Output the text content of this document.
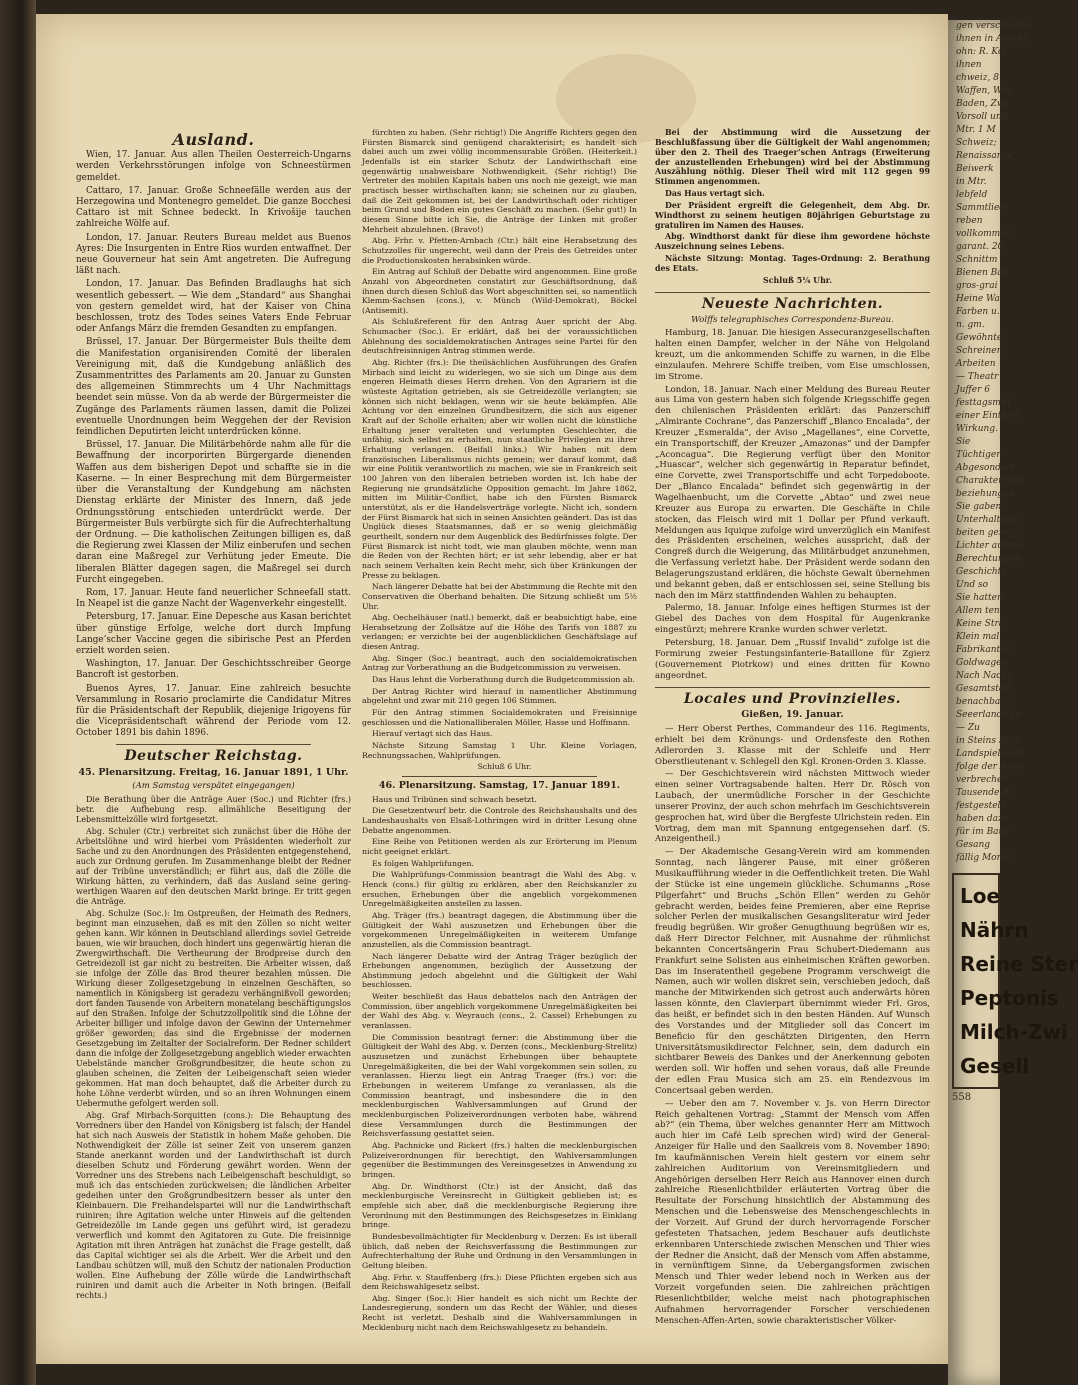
Ausland.

Wien, 17. Januar. Aus allen Theilen Oesterreich-Ungarns werden Verkehrsstörungen infolge von Schneestürmen gemeldet.

Cattaro, 17. Januar. Große Schneefälle werden aus der Herzegowina und Montenegro gemeldet. Die ganze Bocchesi Cattaro ist mit Schnee bedeckt. In Krivošije tauchen zahlreiche Wölfe auf.

London, 17. Januar. Reuters Bureau meldet aus Buenos Ayres: Die Insurgenten in Entre Rios wurden entwaffnet. Der neue Gouverneur hat sein Amt angetreten. Die Aufregung läßt nach.

London, 17. Januar. Das Befinden Bradlaughs hat sich wesentlich gebessert. — Wie dem „Standard“ aus Shanghai von gestern gemeldet wird, hat der Kaiser von China beschlossen, trotz des Todes seines Vaters Ende Februar oder Anfangs März die fremden Gesandten zu empfangen.

Brüssel, 17. Januar. Der Bürgermeister Buls theilte dem die Manifestation organisirenden Comité der liberalen Vereinigung mit, daß die Kundgebung anläßlich des Zusammentrittes des Parlaments am 20. Januar zu Gunsten des allgemeinen Stimmrechts um 4 Uhr Nachmittags beendet sein müsse. Von da ab werde der Bürgermeister die Zugänge des Parlaments räumen lassen, damit die Polizei eventuelle Unordnungen beim Weggehen der der Revision feindlichen Deputirten leicht unterdrücken könne.

Brüssel, 17. Januar. Die Militärbehörde nahm alle für die Bewaffnung der incorporirten Bürgergarde dienenden Waffen aus dem bisherigen Depot und schaffte sie in die Kaserne. — In einer Besprechung mit dem Bürgermeister über die Veranstaltung der Kundgebung am nächsten Dienstag erklärte der Minister des Innern, daß jede Ordnungsstörung entschieden unterdrückt werde. Der Bürgermeister Buls verbürgte sich für die Aufrechterhaltung der Ordnung. — Die katholischen Zeitungen billigen es, daß die Regierung zwei Klassen der Miliz einberufen und sechen daran eine Maßregel zur Verhütung jeder Emeute. Die liberalen Blätter dagegen sagen, die Maßregel sei durch Furcht eingegeben.

Rom, 17. Januar. Heute fand neuerlicher Schneefall statt. In Neapel ist die ganze Nacht der Wagenverkehr eingestellt.

Petersburg, 17. Januar. Eine Depesche aus Kasan berichtet über günstige Erfolge, welche dort durch Impfung Lange’scher Vaccine gegen die sibirische Pest an Pferden erzielt worden seien.

Washington, 17. Januar. Der Geschichtsschreiber George Bancroft ist gestorben.

Buenos Ayres, 17. Januar. Eine zahlreich besuchte Versammlung in Rosario proclamirte die Candidatur Mitres für die Präsidentschaft der Republik, diejenige Irigoyens für die Vicepräsidentschaft während der Periode vom 12. October 1891 bis dahin 1896.

Deutscher Reichstag.
45. Plenarsitzung. Freitag, 16. Januar 1891, 1 Uhr.
(Am Samstag verspätet eingegangen)

Die Berathung über die Anträge Auer (Soc.) und Richter (frs.) betr. die Aufhebung resp. allmähliche Beseitigung der Lebensmittelzölle wird fortgesetzt.

Abg. Schuler (Ctr.) verbreitet sich zunächst über die Höhe der Arbeitslöhne und wird hierbei vom Präsidenten wiederholt zur Sache und zu den Anordnungen des Präsidenten entgegenstehend, auch zur Ordnung gerufen. Im Zusammenhange bleibt der Redner auf der Tribüne unverständlich; er führt aus, daß die Zölle die Wirkung hätten, zu verhindern, daß das Ausland seine gering-werthigen Waaren auf den deutschen Markt bringe. Er tritt gegen die Anträge.

Abg. Schulze (Soc.): Im Ostpreußen, der Heimath des Redners, beginnt man einzusehen, daß es mit den Zöllen so nicht weiter gehen kann. Wir können in Deutschland allerdings soviel Getreide bauen, wie wir brauchen, doch hindert uns gegenwärtig hieran die Zwergwirthschaft. Die Vertheurung der Brodpreise durch den Getreidezoll ist gar nicht zu bestreiten. Die Arbeiter wissen, daß sie infolge der Zölle das Brod theurer bezahlen müssen. Die Wirkung dieser Zollgesetzgebung in einzelnen Geschäften, so namentlich in Königsberg ist geradezu verhängnißvoll geworden; dort fanden Tausende von Arbeitern monatelang beschäftigungslos auf den Straßen. Infolge der Schutzzollpolitik sind die Löhne der Arbeiter billiger und infolge davon der Gewinn der Unternehmer größer geworden; das sind die Ergebnisse der modernen Gesetzgebung im Zeitalter der Socialreform. Der Redner schildert dann die infolge der Zollgesetzgebung angeblich wieder erwachten Uebelstände mancher Großgrundbesitzer, die heute schon zu glauben scheinen, die Zeiten der Leibeigenschaft seien wieder gekommen. Hat man doch behauptet, daß die Arbeiter durch zu hohe Löhne verderbt würden, und so an ihren Wohnungen einem Uebermuthe gefolgert werden soll.

Abg. Graf Mirbach-Sorquitten (cons.): Die Behauptung des Vorredners über den Handel von Königsberg ist falsch; der Handel hat sich nach Ausweis der Statistik in hohem Maße gehoben. Die Nothwendigkeit der Zölle ist seiner Zeit von unserem ganzen Stande anerkannt worden und der Landwirthschaft ist durch dieselben Schutz und Förderung gewährt worden. Wenn der Vorredner uns des Strebens nach Leibeigenschaft beschuldigt, so muß ich das entschieden zurückweisen; die ländlichen Arbeiter gedeihen unter den Großgrundbesitzern besser als unter den Kleinbauern. Die Freihandelspartei will nur die Landwirthschaft ruiniren; ihre Agitation welche unter Hinweis auf die geltenden Getreidezölle im Lande gegen uns geführt wird, ist geradezu verwerflich und kommt den Agitatoren zu Gute. Die freisinnige Agitation mit ihren Anträgen hat zunächst die Frage gestellt, daß das Capital wichtiger sei als die Arbeit. Wer die Arbeit und den Landbau schützen will, muß den Schutz der nationalen Production wollen. Eine Aufhebung der Zölle würde die Landwirthschaft ruiniren und damit auch die Arbeiter in Noth bringen. (Beifall rechts.)

fürchten zu haben. (Sehr richtig!) Die Angriffe Richters gegen den Fürsten Bismarck sind genügend charakterisirt; es handelt sich dabei auch um zwei völlig incommensurable Größen. (Heiterkeit.) Jedenfalls ist ein starker Schutz der Landwirthschaft eine gegenwärtig unabweisbare Nothwendigkeit. (Sehr richtig!) Die Vertreter des mobilen Kapitals haben uns noch nie gezeigt, wie man practisch besser wirthschaften kann; sie scheinen nur zu glauben, daß die Zeit gekommen ist, bei der Landwirthschaft oder richtiger beim Grund und Boden ein gutes Geschäft zu machen. (Sehr gut!) In diesem Sinne bitte ich Sie, die Anträge der Linken mit großer Mehrheit abzulehnen. (Bravo!)

Abg. Frhr. v. Pfetten-Arnbach (Ctr.) hält eine Herabsetzung des Schutzzolles für ungerecht, weil dann der Preis des Getreides unter die Productionskosten herabsinken würde.

Ein Antrag auf Schluß der Debatte wird angenommen. Eine große Anzahl von Abgeordneten constatirt zur Geschäftsordnung, daß ihnen durch diesen Schluß das Wort abgeschnitten sei, so namentlich Klemm-Sachsen (cons.), v. Münch (Wild-Demokrat), Böckel (Antisemit).

Als Schlußreferent für den Antrag Auer spricht der Abg. Schumacher (Soc.). Er erklärt, daß bei der voraussichtlichen Ablehnung des socialdemokratischen Antrages seine Partei für den deutschfreisinnigen Antrag stimmen werde.

Abg. Richter (frs.): Die theilsächlichen Ausführungen des Grafen Mirbach sind leicht zu widerlegen, wo sie sich um Dinge aus dem engeren Heimath dieses Herrn drehen. Von den Agrariern ist die wüsteste Agitation getrieben, als sie Getreidezölle verlangten; sie können sich nicht beklagen, wenn wir sie heute bekämpfen. Alle Achtung vor den einzelnen Grundbesitzern, die sich aus eigener Kraft auf der Scholle erhalten; aber wir wollen nicht die künstliche Erhaltung jener veralteten und verlumpten Geschlechter, die unfähig, sich selbst zu erhalten, nun staatliche Privilegien zu ihrer Erhaltung verlangen. (Beifall links.) Wir haben mit dem französischen Liberalismus nichts gemein; wer darauf kommt, daß wir eine Politik verantwortlich zu machen, wie sie in Frankreich seit 100 Jahren von den liberalen betrieben worden ist. Ich habe der Regierung nie grundsätzliche Opposition gemacht. Im Jahre 1862, mitten im Militär-Conflict, habe ich den Fürsten Bismarck unterstützt, als er die Handelsverträge vorlegte. Nicht ich, sondern der Fürst Bismarck hat sich in seinen Ansichten geändert. Das ist das Unglück dieses Staatsmannes, daß er so wenig gleichmäßig geurtheilt, sondern nur dem Augenblick des Bedürfnisses folgte. Der Fürst Bismarck ist nicht todt, wie man glauben möchte, wenn man die Reden von der Rechten hört; er ist sehr lebendig, aber er hat nach seinem Verhalten kein Recht mehr, sich über Kränkungen der Presse zu beklagen.

Nach längerer Debatte hat bei der Abstimmung die Rechte mit den Conservativen die Oberhand behalten. Die Sitzung schließt um 5½ Uhr.

Abg. Oechelhäuser (natl.) bemerkt, daß er beabsichtigt habe, eine Herabsetzung der Zollsätze auf die Höhe des Tarifs von 1887 zu verlangen; er verzichte bei der augenblicklichen Geschäftslage auf diesen Antrag.

Abg. Singer (Soc.) beantragt, auch den socialdemokratischen Antrag zur Vorberathung an die Budgetcommission zu verweisen.

Das Haus lehnt die Vorberathung durch die Budgetcommission ab.

Der Antrag Richter wird hierauf in namentlicher Abstimmung abgelehnt und zwar mit 210 gegen 106 Stimmen.

Für den Antrag stimmen Socialdemokraten und Freisinnige geschlossen und die Nationalliberalen Möller, Hasse und Hoffmann.

Hierauf vertagt sich das Haus.

Nächste Sitzung Samstag 1 Uhr. Kleine Vorlagen, Rechnungssachen, Wahlprüfungen.

Schluß 6 Uhr.

46. Plenarsitzung. Samstag, 17. Januar 1891.

Haus und Tribünen sind schwach besetzt.

Die Gesetzentwurf betr. die Controle des Reichshaushalts und des Landeshaushalts von Elsaß-Lothringen wird in dritter Lesung ohne Debatte angenommen.

Eine Reihe von Petitionen werden als zur Erörterung im Plenum nicht geeignet erklärt.

Es folgen Wahlprüfungen.

Die Wahlprüfungs-Commission beantragt die Wahl des Abg. v. Henck (cons.) für gültig zu erklären, aber den Reichskanzler zu ersuchen, Erhebungen über die angeblich vorgekommenen Unregelmäßigkeiten anstellen zu lassen.

Abg. Träger (frs.) beantragt dagegen, die Abstimmung über die Gültigkeit der Wahl auszusetzen und Erhebungen über die vorgekommenen Unregelmäßigkeiten in weiterem Umfange anzustellen, als die Commission beantragt.

Nach längerer Debatte wird der Antrag Träger bezüglich der Erhebungen angenommen, bezüglich der Aussetzung der Abstimmung jedoch abgelehnt und die Gültigkeit der Wahl beschlossen.

Weiter beschließt das Haus debattelos nach den Anträgen der Commission, über angeblich vorgekommene Unregelmäßigkeiten bei der Wahl des Abg. v. Weyrauch (cons., 2. Cassel) Erhebungen zu veranlassen.

Die Commission beantragt ferner: die Abstimmung über die Gültigkeit der Wahl des Abg. v. Derzen (cons., Mecklenburg-Strelitz) auszusetzen und zunächst Erhebungen über behauptete Unregelmäßigkeiten, die bei der Wahl vorgekommen sein sollen, zu veranlassen. Hierzu liegt ein Antrag Traeger (frs.) vor: die Erhebungen in weiterem Umfange zu veranlassen, als die Commission beantragt, und insbesondere die in den mecklenburgischen Wahlversammlungen auf Grund der mecklenburgischen Polizeiverordnungen verboten habe, während diese Versammlungen durch die Bestimmungen der Reichsverfassung gestattet seien.

Abg. Pachnicke und Rickert (frs.) halten die mecklenburgischen Polizeiverordnungen für berechtigt, den Wahlversammlungen gegenüber die Bestimmungen des Vereinsgesetzes in Anwendung zu bringen.

Abg. Dr. Windthorst (Ctr.) ist der Ansicht, daß das mecklenburgische Vereinsrecht in Gültigkeit geblieben ist; es empfehle sich aber, daß die mecklenburgische Regierung ihre Verordnung mit den Bestimmungen des Reichsgesetzes in Einklang bringe.

Bundesbevollmächtigter für Mecklenburg v. Derzen: Es ist überall üblich, daß neben der Reichsverfassung die Bestimmungen zur Aufrechterhaltung der Ruhe und Ordnung in den Versammlungen in Geltung bleiben.

Abg. Frhr. v. Stauffenberg (frs.): Diese Pflichten ergeben sich aus dem Reichswahlgesetz selbst.

Abg. Singer (Soc.): Hier handelt es sich nicht um Rechte der Landesregierung, sondern um das Recht der Wähler, und dieses Recht ist verletzt. Deshalb sind die Wahlversammlungen in Mecklenburg nicht nach dem Reichswahlgesetz zu behandeln.

Bei der Abstimmung wird die Aussetzung der Beschlußfassung über die Gültigkeit der Wahl angenommen; über den 2. Theil des Traeger’schen Antrags (Erweiterung der anzustellenden Erhebungen) wird bei der Abstimmung Auszählung nöthig. Dieser Theil wird mit 112 gegen 99 Stimmen angenommen.

Das Haus vertagt sich.

Der Präsident ergreift die Gelegenheit, dem Abg. Dr. Windthorst zu seinem heutigen 80jährigen Geburtstage zu gratuliren im Namen des Hauses.

Abg. Windthorst dankt für diese ihm gewordene höchste Auszeichnung seines Lebens.

Nächste Sitzung: Montag. Tages-Ordnung: 2. Berathung des Etats.

Schluß 5¼ Uhr.

Neueste Nachrichten.
Wolffs telegraphisches Correspondenz-Bureau.

Hamburg, 18. Januar. Die hiesigen Assecuranzgesellschaften halten einen Dampfer, welcher in der Nähe von Helgoland kreuzt, um die ankommenden Schiffe zu warnen, in die Elbe einzulaufen. Mehrere Schiffe treiben, vom Eise umschlossen, im Strome.

London, 18. Januar. Nach einer Meldung des Bureau Reuter aus Lima von gestern haben sich folgende Kriegsschiffe gegen den chilenischen Präsidenten erklärt: das Panzerschiff „Almirante Cochrane“, das Panzerschiff „Blanco Encalada“, der Kreuzer „Esmeralda“, der Aviso „Magellanes“, eine Corvette, ein Transportschiff, der Kreuzer „Amazonas“ und der Dampfer „Aconcagua“. Die Regierung verfügt über den Monitor „Huascar“, welcher sich gegenwärtig in Reparatur befindet, eine Corvette, zwei Transportschiffe und acht Torpedoboote. Der „Blanco Encalada“ befindet sich gegenwärtig in der Wagelhaenbucht, um die Corvette „Abtao“ und zwei neue Kreuzer aus Europa zu erwarten. Die Geschäfte in Chile stocken, das Fleisch wird mit 1 Dollar per Pfund verkauft. Meldungen aus Iquique zufolge wird unverzüglich ein Manifest des Präsidenten erscheinen, welches ausspricht, daß der Congreß durch die Weigerung, das Militärbudget anzunehmen, die Verfassung verletzt habe. Der Präsident werde sodann den Belagerungszustand erklären, die höchste Gewalt übernehmen und bekannt geben, daß er entschlossen sei, seine Stellung bis nach den im März stattfindenden Wahlen zu behaupten.

Palermo, 18. Januar. Infolge eines heftigen Sturmes ist der Giebel des Daches von dem Hospital für Augenkranke eingestürzt; mehrere Kranke wurden schwer verletzt.

Petersburg, 18. Januar. Dem „Russif Invalid“ zufolge ist die Formirung zweier Festungsinfanterie-Bataillone für Zgierz (Gouvernement Piotrkow) und eines dritten für Kowno angeordnet.

Locales und Provinzielles.
Gießen, 19. Januar.

— Herr Oberst Perthes, Commandeur des 116. Regiments, erhielt bei dem Krönungs- und Ordensfeste den Rothen Adlerorden 3. Klasse mit der Schleife und Herr Oberstlieutenant v. Schlegell den Kgl. Kronen-Orden 3. Klasse.

— Der Geschichtsverein wird nächsten Mittwoch wieder einen seiner Vortragsabende halten. Herr Dr. Rösch von Laubach, der unermüdliche Forscher in der Geschichte unserer Provinz, der auch schon mehrfach im Geschichtsverein gesprochen hat, wird über die Bergfeste Ulrichstein reden. Ein Vortrag, dem man mit Spannung entgegensehen darf. (S. Anzeigentheil.)

— Der Akademische Gesang-Verein wird am kommenden Sonntag, nach längerer Pause, mit einer größeren Musikaufführung wieder in die Oeffentlichkeit treten. Die Wahl der Stücke ist eine ungemein glückliche. Schumanns „Rose Pilgerfahrt“ und Bruchs „Schön Ellen“ werden zu Gehör gebracht werden, beides feine Premieren, aber eine Reprise solcher Perlen der musikalischen Gesangsliteratur wird Jeder freudig begrüßen. Wir großer Genugthuung begrüßen wir es, daß Herr Director Felchner, mit Ausnahme der rühmlichst bekannten Concertsängerin Frau Schubert-Diedemann aus Frankfurt seine Solisten aus einheimischen Kräften geworben. Das im Inseratentheil gegebene Programm verschweigt die Namen, auch wir wollen diskret sein, verschieben jedoch, daß manche der Mitwirkenden sich getrost auch anderwärts hören lassen könnte, den Clavierpart übernimmt wieder Frl. Gros, das heißt, er befindet sich in den besten Händen. Auf Wunsch des Vorstandes und der Mitglieder soll das Concert im Beneficio für den geschätzten Dirigenten, den Herrn Universitätsmusikdirector Felchner, sein, dem dadurch ein sichtbarer Beweis des Dankes und der Anerkennung geboten werden soll. Wir hoffen und sehen voraus, daß alle Freunde der edlen Frau Musica sich am 25. ein Rendezvous im Concertsaal geben werden.

— Ueber den am 7. November v. Js. von Herrn Director Reich gehaltenen Vortrag: „Stammt der Mensch vom Affen ab?“ (ein Thema, über welches genannter Herr am Mittwoch auch hier im Café Leib sprechen wird) wird der General-Anzeiger für Halle und den Saalkreis vom 8. November 1890: Im kaufmännischen Verein hielt gestern vor einem sehr zahlreichen Auditorium von Vereinsmitgliedern und Angehörigen derselben Herr Reich aus Hannover einen durch zahlreiche Riesenlichtbilder erläuterten Vortrag über die Resultate der Forschung hinsichtlich der Abstammung des Menschen und die Lebensweise des Menschengeschlechts in der Vorzeit. Auf Grund der durch hervorragende Forscher gefesteten Thatsachen, jedem Beschauer aufs deutlichste erkennbaren Unterschiede zwischen Menschen und Thier wies der Redner die Ansicht, daß der Mensch vom Affen abstamme, in vernünftigem Sinne, da Uebergangsformen zwischen Mensch und Thier weder lebend noch in Werken aus der Vorzeit vorgefunden seien. Die zahlreichen prächtigen Riesenlichtbilder, welche meist nach photographischen Aufnahmen hervorragender Forscher verschiedenen Menschen-Affen-Arten, sowie charakteristischer Völker-

gen verschieden
ihnen in Anschl
ohn: R. Kol
ihnen
chweiz, 8
Waffen, Wag
Baden, Zwi
Vorsoll und
Mtr. 1 M
Schweiz;
Renaissance
Beiwerk
in Mtr.
lebfeld
Sammtlied
reben
vollkommen
garant. 20
Schnittm
Bienen Bau
gros-grai
Heine Wa
Farben u.
n. gm.
Gewöhnte
Schreiner,
Arbeiten
— Theatr
Juffer 6
festtagsmitt
einer Eintheit
Wirkung.
Sie
Tüchtiger
Abgesondert
Charakterzüge
beziehungen
Sie gaben
Unterhaltung
beiten gezeig
Lichter aufzun
Berechtung de
Geschichte
Und so
Sie hatten
Allem ten
Keine Stra
Klein mal
Fabrikanten
Goldwagen
Nach Nachr
Gesamtstell
benachbart,
Seeerlande zu
— Zu
in Steins Sack
Landspielgesel
folge der Anku
verbrecher
Tausende Br
festgestellt
haben dazu
für im Bauz
Gesang
fällig Morge
Loe
Nährn
Reine Ster
Peptonis
Milch-Zwi
Gesell
558
